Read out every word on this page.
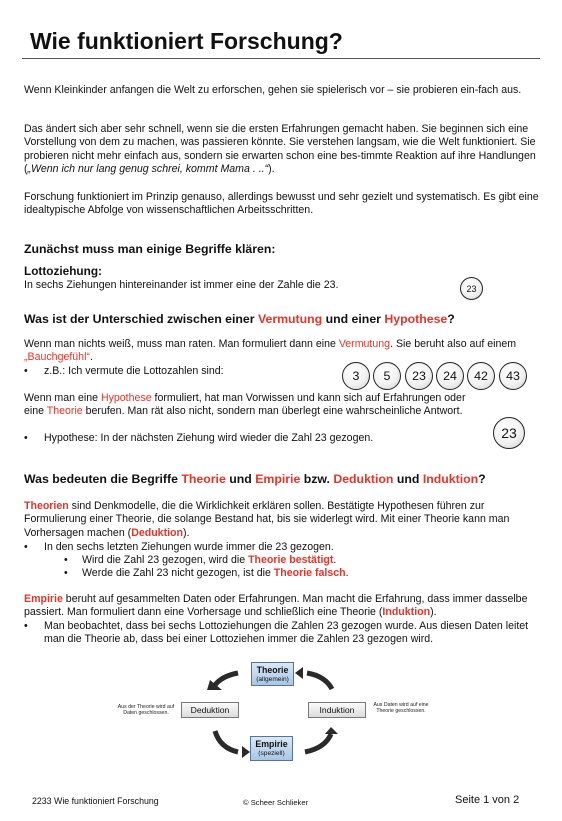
Wie funktioniert Forschung?
Wenn Kleinkinder anfangen die Welt zu erforschen, gehen sie spielerisch vor – sie probieren ein-fach aus.
Das ändert sich aber sehr schnell, wenn sie die ersten Erfahrungen gemacht haben. Sie beginnen sich eine Vorstellung von dem zu machen, was passieren könnte. Sie verstehen langsam, wie die Welt funktioniert. Sie probieren nicht mehr einfach aus, sondern sie erwarten schon eine bes-timmte Reaktion auf ihre Handlungen („Wenn ich nur lang genug schrei, kommt Mama . ..“).
Forschung funktioniert im Prinzip genauso, allerdings bewusst und sehr gezielt und systematisch. Es gibt eine idealtypische Abfolge von wissenschaftlichen Arbeitsschritten.
Zunächst muss man einige Begriffe klären:
Lottoziehung:
In sechs Ziehungen hintereinander ist immer eine der Zahle die 23.	23
Was ist der Unterschied zwischen einer Vermutung und einer Hypothese?
Wenn man nichts weiß, muss man raten. Man formuliert dann eine Vermutung. Sie beruht also auf einem „Bauchgefühl“.
• z.B.: Ich vermute die Lottozahlen sind:	3	5	23	24	42	43
Wenn man eine Hypothese formuliert, hat man Vorwissen und kann sich auf Erfahrungen oder eine Theorie berufen. Man rät also nicht, sondern man überlegt eine wahrscheinliche Antwort.
• Hypothese: In der nächsten Ziehung wird wieder die Zahl 23 gezogen.	23
Was bedeuten die Begriffe Theorie und Empirie bzw. Deduktion und Induktion?
Theorien sind Denkmodelle, die die Wirklichkeit erklären sollen. Bestätigte Hypothesen führen zur Formulierung einer Theorie, die solange Bestand hat, bis sie widerlegt wird. Mit einer Theorie kann man Vorhersagen machen (Deduktion).
• In den sechs letzten Ziehungen wurde immer die 23 gezogen.
• Wird die Zahl 23 gezogen, wird die Theorie bestätigt.
• Werde die Zahl 23 nicht gezogen, ist die Theorie falsch.
Empirie beruht auf gesammelten Daten oder Erfahrungen. Man macht die Erfahrung, dass immer dasselbe passiert. Man formuliert dann eine Vorhersage und schließlich eine Theorie (Induktion).
• Man beobachtet, dass bei sechs Lottoziehungen die Zahlen 23 gezogen wurde. Aus diesen Daten leitet man die Theorie ab, dass bei einer Lottoziehen immer die Zahlen 23 gezogen wird.
Theorie
(allgemein)
Empirie
(speziell)
Deduktion	Induktion
Aus der Theorie wird auf Daten geschlossen.
Aus Daten wird auf eine Theorie geschlossen.
2233 Wie funktioniert Forschung	© Scheer Schlieker	Seite 1 von 2
